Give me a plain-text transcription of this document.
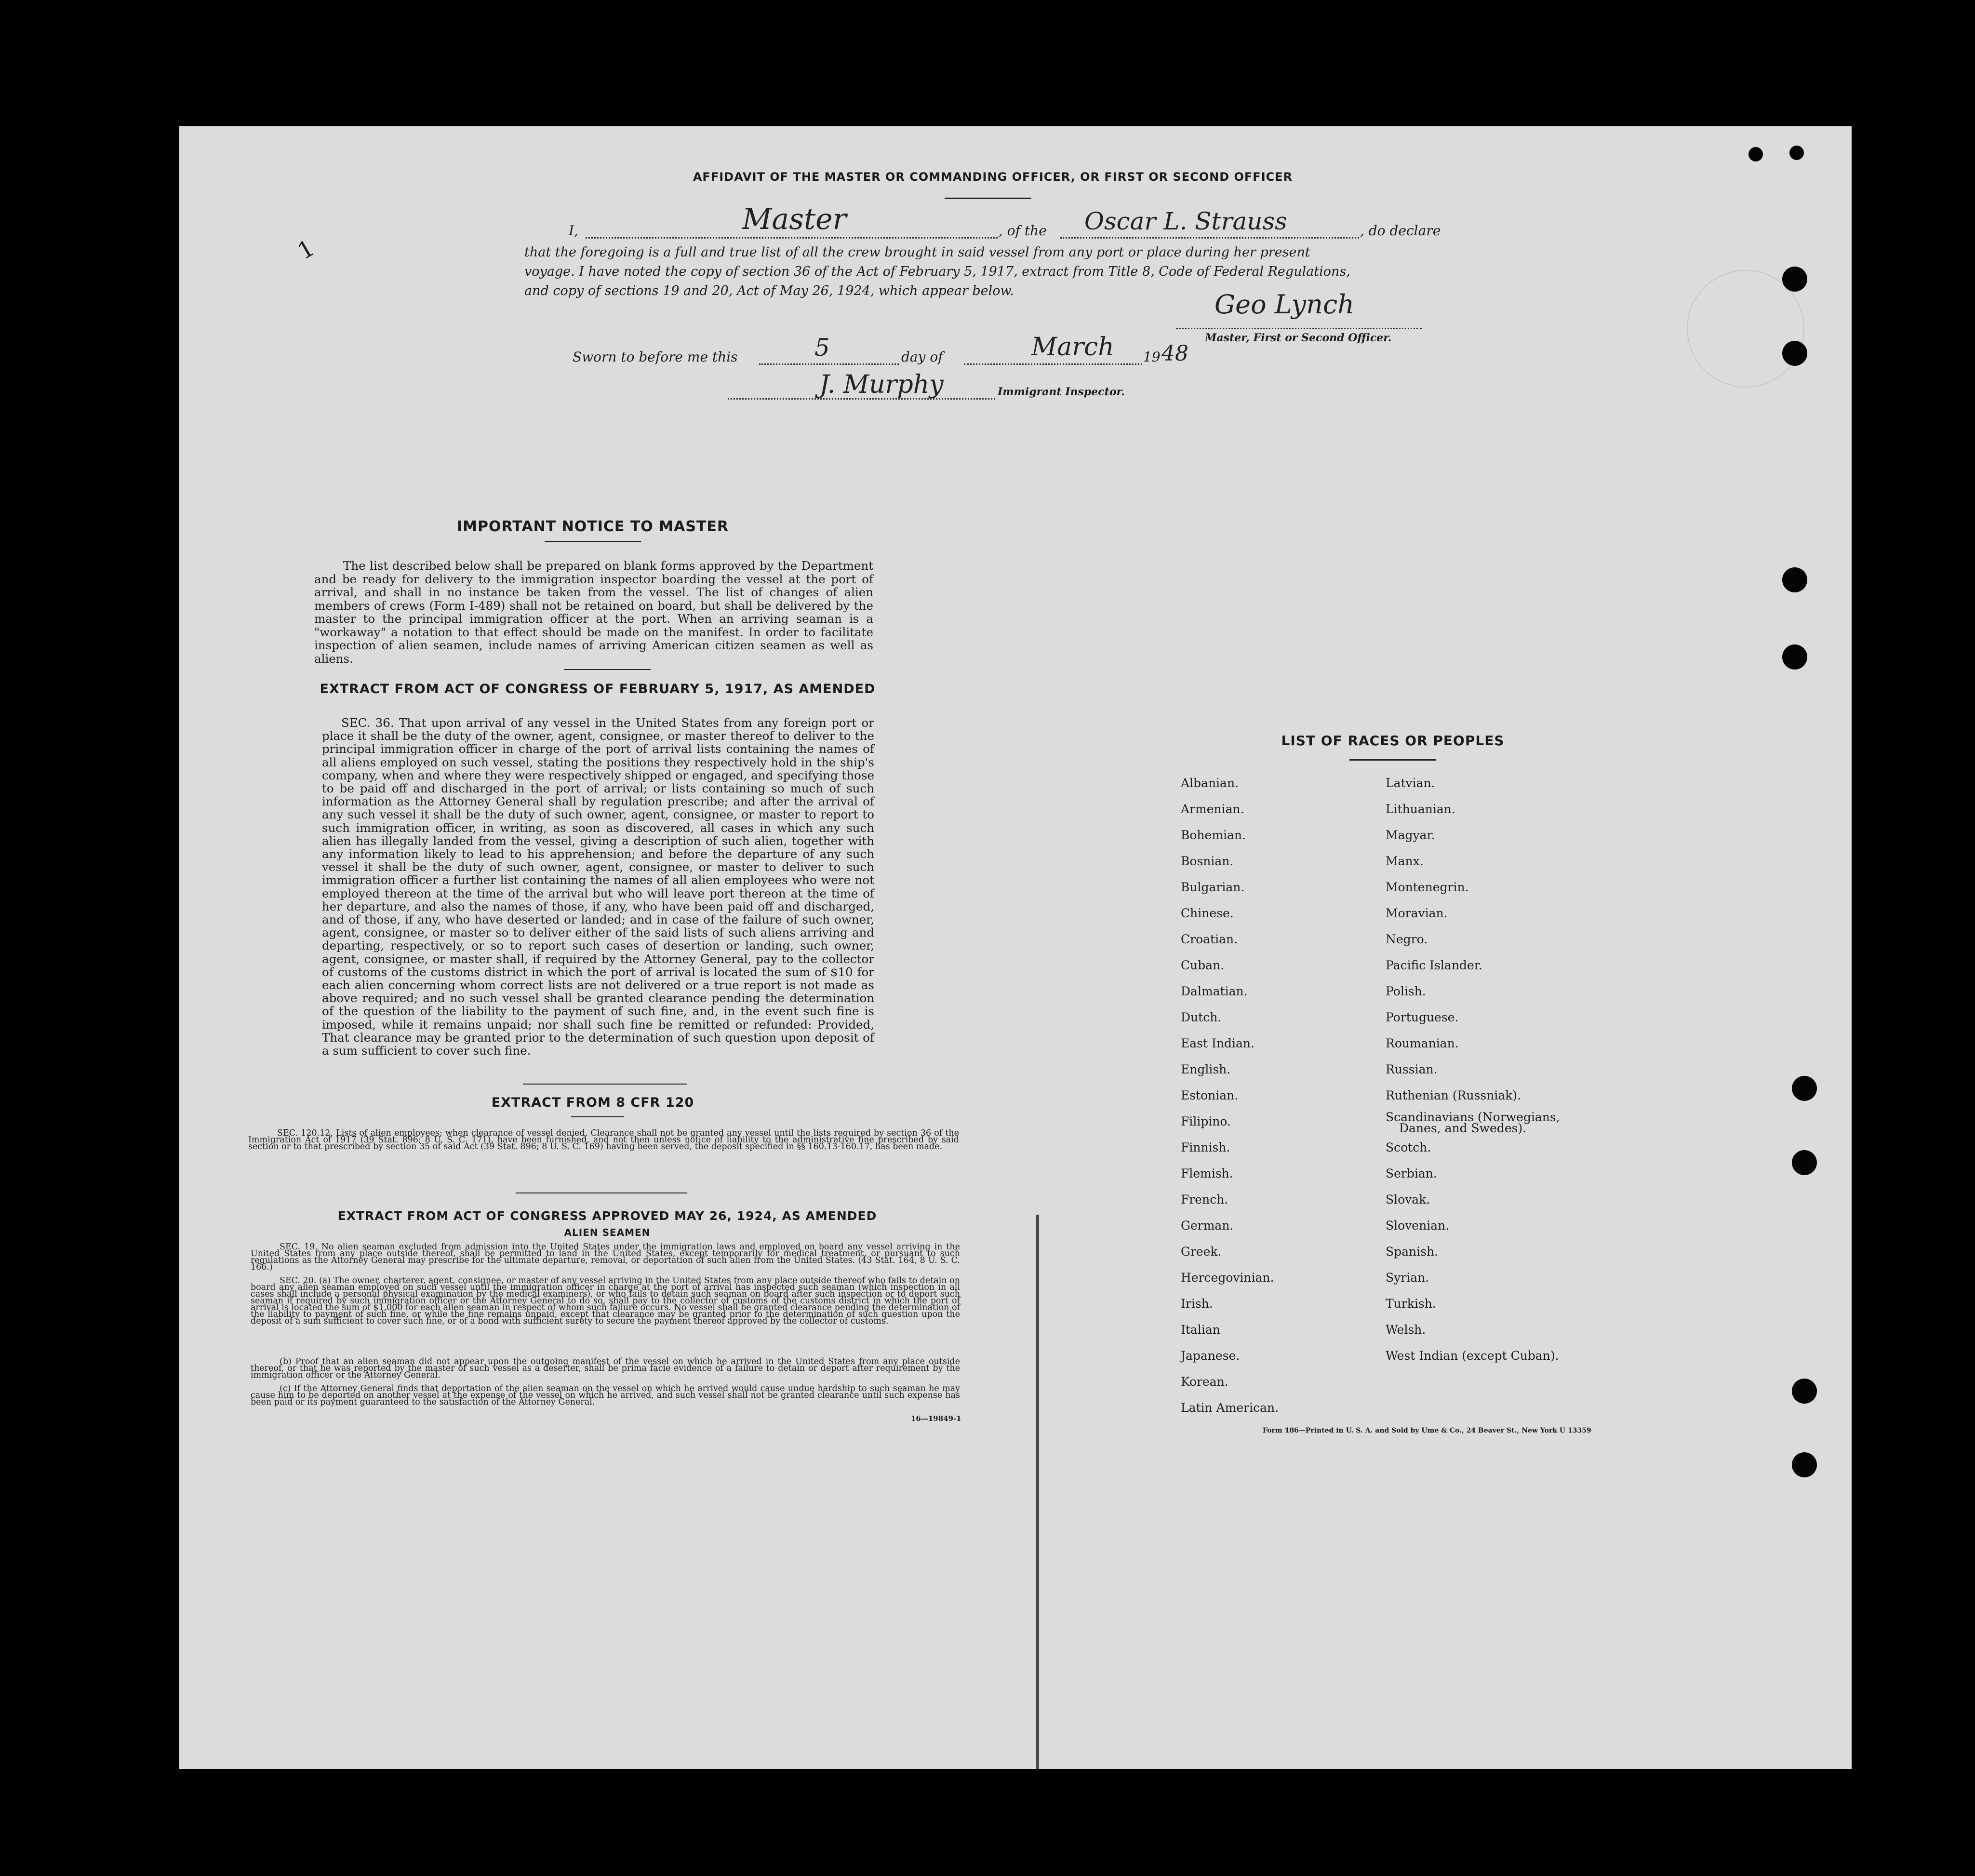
AFFIDAVIT OF THE MASTER OR COMMANDING OFFICER, OR FIRST OR SECOND OFFICER
1
I,	Master	, of the Oscar L. Strauss	, do declare
that the foregoing is a full and true list of all the crew brought in said vessel from any port or place during her present
voyage. I have noted the copy of section 36 of the Act of February 5, 1917, extract from Title 8, Code of Federal Regulations,
and copy of sections 19 and 20, Act of May 26, 1924, which appear below.	Geo Lynch
Master, First or Second Officer.
Sworn to before me this	5	day of	March 19 48
J. Murphy	Immigrant Inspector.
IMPORTANT NOTICE TO MASTER
The list described below shall be prepared on blank forms approved by the Department and be ready for delivery to the immigration inspector boarding the vessel at the port of arrival, and shall in no instance be taken from the vessel. The list of changes of alien members of crews (Form I-489) shall not be retained on board, but shall be delivered by the master to the principal immigration officer at the port. When an arriving seaman is a "workaway" a notation to that effect should be made on the manifest. In order to facilitate inspection of alien seamen, include names of arriving American citizen seamen as well as aliens.
EXTRACT FROM ACT OF CONGRESS OF FEBRUARY 5, 1917, AS AMENDED
SEC. 36. That upon arrival of any vessel in the United States from any foreign port or place it shall be the duty of the owner, agent, consignee, or master thereof to deliver to the principal immigration officer in charge of the port of arrival lists containing the names of all aliens employed on such vessel, stating the positions they respectively hold in the ship's company, when and where they were respectively shipped or engaged, and specifying those to be paid off and discharged in the port of arrival; or lists containing so much of such information as the Attorney General shall by regulation prescribe; and after the arrival of any such vessel it shall be the duty of such owner, agent, consignee, or master to report to such immigration officer, in writing, as soon as discovered, all cases in which any such alien has illegally landed from the vessel, giving a description of such alien, together with any information likely to lead to his apprehension; and before the departure of any such vessel it shall be the duty of such owner, agent, consignee, or master to deliver to such immigration officer a further list containing the names of all alien employees who were not employed thereon at the time of the arrival but who will leave port thereon at the time of her departure, and also the names of those, if any, who have been paid off and discharged, and of those, if any, who have deserted or landed; and in case of the failure of such owner, agent, consignee, or master so to deliver either of the said lists of such aliens arriving and departing, respectively, or so to report such cases of desertion or landing, such owner, agent, consignee, or master shall, if required by the Attorney General, pay to the collector of customs of the customs district in which the port of arrival is located the sum of $10 for each alien concerning whom correct lists are not delivered or a true report is not made as above required; and no such vessel shall be granted clearance pending the determination of the question of the liability to the payment of such fine, and, in the event such fine is imposed, while it remains unpaid; nor shall such fine be remitted or refunded: Provided, That clearance may be granted prior to the determination of such question upon deposit of a sum sufficient to cover such fine.
EXTRACT FROM 8 CFR 120
SEC. 120.12. Lists of alien employees; when clearance of vessel denied. Clearance shall not be granted any vessel until the lists required by section 36 of the Immigration Act of 1917 (39 Stat. 896; 8 U. S. C. 171), have been furnished, and not then unless notice of liability to the administrative fine prescribed by said section or to that prescribed by section 35 of said Act (39 Stat. 896; 8 U. S. C. 169) having been served, the deposit specified in §§ 160.13-160.17, has been made.
EXTRACT FROM ACT OF CONGRESS APPROVED MAY 26, 1924, AS AMENDED
ALIEN SEAMEN
SEC. 19. No alien seaman excluded from admission into the United States under the immigration laws and employed on board any vessel arriving in the United States from any place outside thereof, shall be permitted to land in the United States, except temporarily for medical treatment, or pursuant to such regulations as the Attorney General may prescribe for the ultimate departure, removal, or deportation of such alien from the United States. (43 Stat. 164, 8 U. S. C. 166.)
SEC. 20. (a) The owner, charterer, agent, consignee, or master of any vessel arriving in the United States from any place outside thereof who fails to detain on board any alien seaman employed on such vessel until the immigration officer in charge at the port of arrival has inspected such seaman (which inspection in all cases shall include a personal physical examination by the medical examiners), or who fails to detain such seaman on board after such inspection or to deport such seaman if required by such immigration officer or the Attorney General to do so, shall pay to the collector of customs of the customs district in which the port of arrival is located the sum of $1,000 for each alien seaman in respect of whom such failure occurs. No vessel shall be granted clearance pending the determination of the liability to payment of such fine, or while the fine remains unpaid, except that clearance may be granted prior to the determination of such question upon the deposit of a sum sufficient to cover such fine, or of a bond with sufficient surety to secure the payment thereof approved by the collector of customs.
(b) Proof that an alien seaman did not appear upon the outgoing manifest of the vessel on which he arrived in the United States from any place outside thereof, or that he was reported by the master of such vessel as a deserter, shall be prima facie evidence of a failure to detain or deport after requirement by the immigration officer or the Attorney General.
(c) If the Attorney General finds that deportation of the alien seaman on the vessel on which he arrived would cause undue hardship to such seaman he may cause him to be deported on another vessel at the expense of the vessel on which he arrived, and such vessel shall not be granted clearance until such expense has been paid or its payment guaranteed to the satisfaction of the Attorney General.
16—19849-1
LIST OF RACES OR PEOPLES
Albanian.
Armenian.
Bohemian.
Bosnian.
Bulgarian.
Chinese.
Croatian.
Cuban.
Dalmatian.
Dutch.
East Indian.
English.
Estonian.
Filipino.
Finnish.
Flemish.
French.
German.
Greek.
Hercegovinian.
Irish.
Italian
Japanese.
Korean.
Latin American.
Latvian.
Lithuanian.
Magyar.
Manx.
Montenegrin.
Moravian.
Negro.
Pacific Islander.
Polish.
Portuguese.
Roumanian.
Russian.
Ruthenian (Russniak).
Scandinavians (Norwegians,
Danes, and Swedes).
Scotch.
Serbian.
Slovak.
Slovenian.
Spanish.
Syrian.
Turkish.
Welsh.
West Indian (except Cuban).
Form 186—Printed in U. S. A. and Sold by Ume & Co., 24 Beaver St., New York U 13359
